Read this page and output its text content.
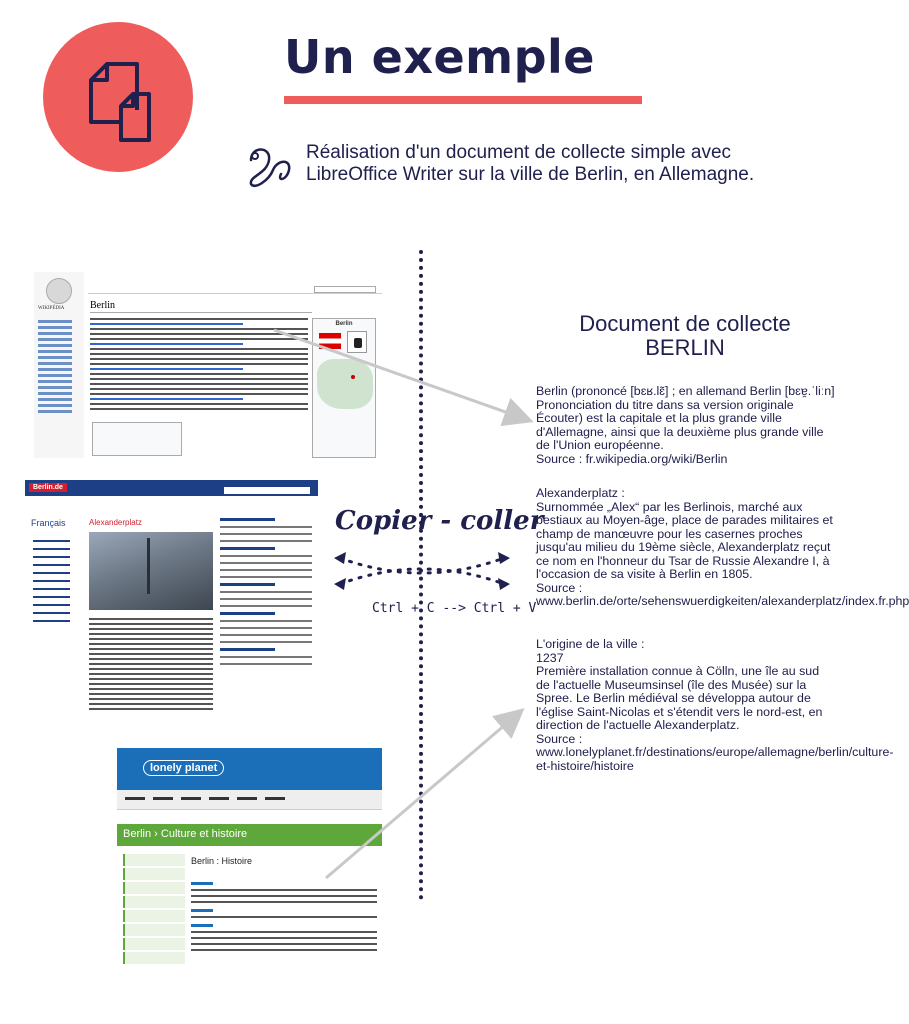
Un exemple
Réalisation d'un document de collecte simple avec LibreOffice Writer sur la ville de Berlin, en Allemagne.
WIKIPÉDIA	Berlin
Berlin
Berlin.de
Français	Alexanderplatz
lonely planet
Berlin › Culture et histoire
Berlin : Histoire
Copier - coller
Ctrl + C --> Ctrl + V
Document de collecte
BERLIN
Berlin (prononcé [bɛʁ.lɛ̃] ; en allemand Berlin [bɛɐ̯.ˈliːn] Prononciation du titre dans sa version originale Écouter) est la capitale et la plus grande ville d'Allemagne, ainsi que la deuxième plus grande ville de l'Union européenne.
Source : fr.wikipedia.org/wiki/Berlin
Alexanderplatz :
Surnommée „Alex“ par les Berlinois, marché aux bestiaux au Moyen-âge, place de parades militaires et champ de manœuvre pour les casernes proches jusqu'au milieu du 19ème siècle, Alexanderplatz reçut ce nom en l'honneur du Tsar de Russie Alexandre I, à l'occasion de sa visite à Berlin en 1805.
Source :
www.berlin.de/orte/sehenswuerdigkeiten/alexanderplatz/index.fr.php
L'origine de la ville :
1237
Première installation connue à Cölln, une île au sud de l'actuelle Museumsinsel (île des Musée) sur la Spree. Le Berlin médiéval se développa autour de l'église Saint-Nicolas et s'étendit vers le nord-est, en direction de l'actuelle Alexanderplatz.
Source :
www.lonelyplanet.fr/destinations/europe/allemagne/berlin/culture-et-histoire/histoire
